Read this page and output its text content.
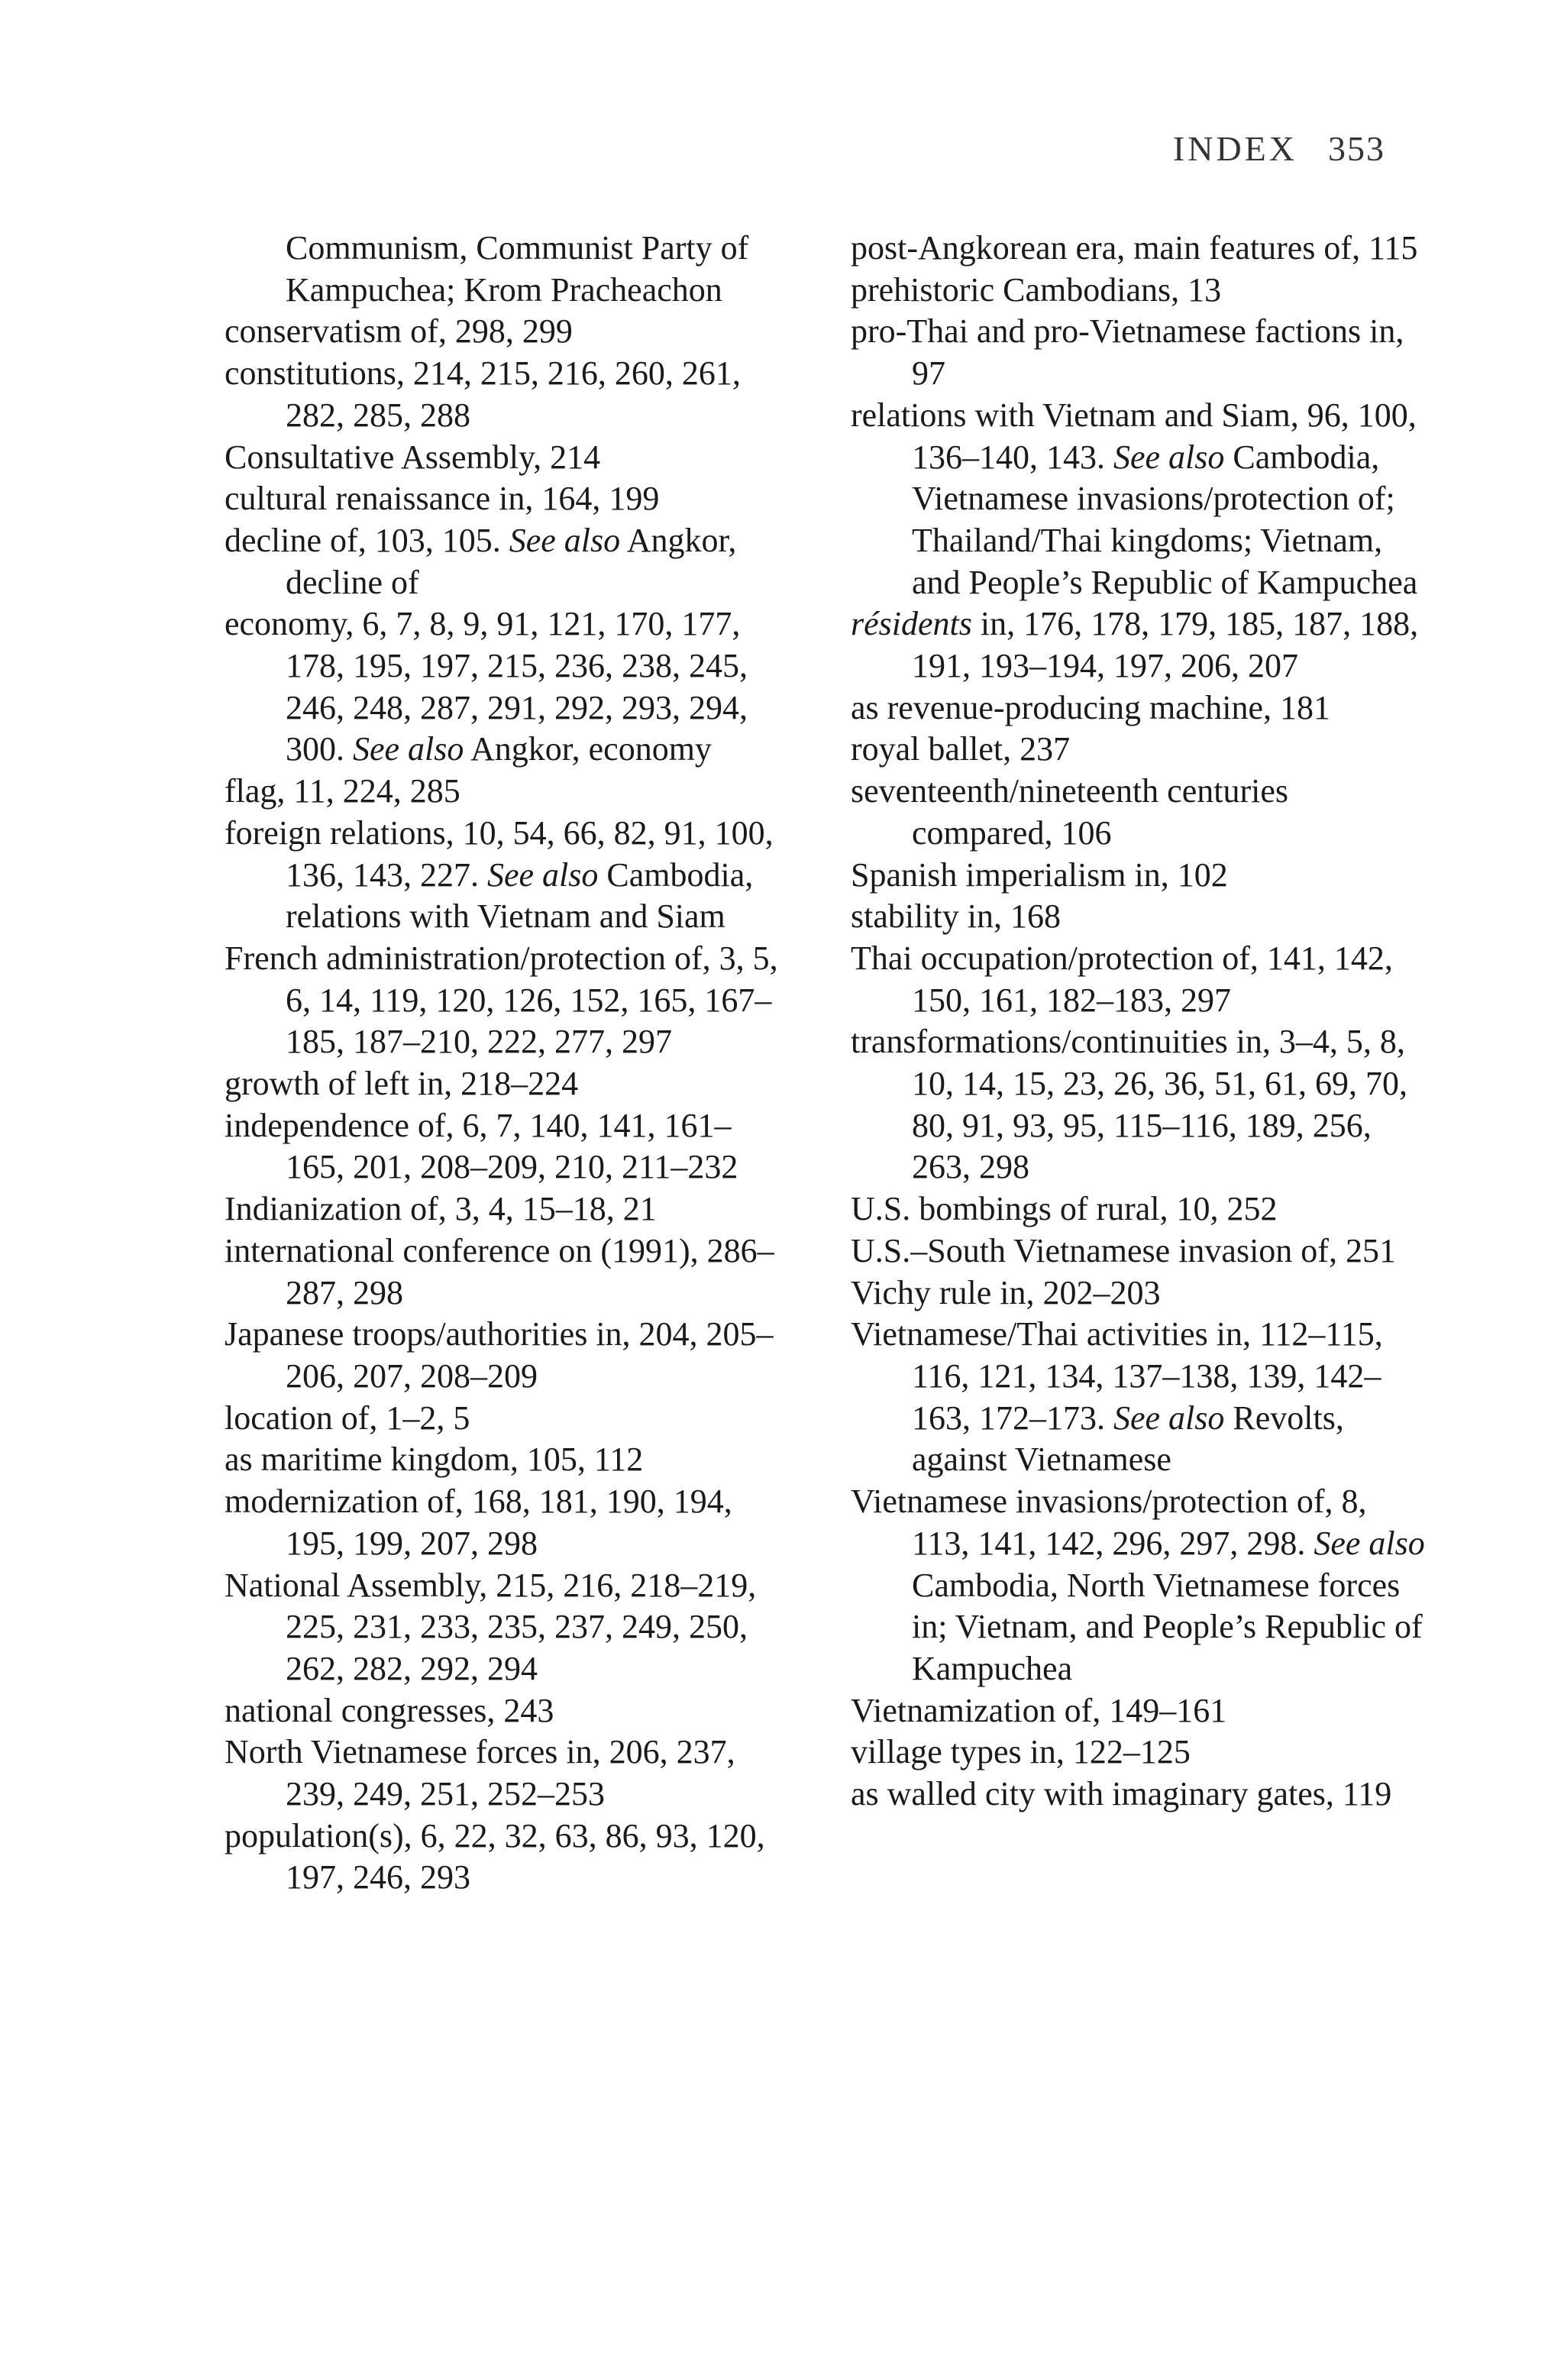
INDEX 353

Communism, Communist Party of Kampuchea; Krom Pracheachon

conservatism of, 298, 299

constitutions, 214, 215, 216, 260, 261, 282, 285, 288

Consultative Assembly, 214

cultural renaissance in, 164, 199

decline of, 103, 105. See also Angkor, decline of

economy, 6, 7, 8, 9, 91, 121, 170, 177, 178, 195, 197, 215, 236, 238, 245, 246, 248, 287, 291, 292, 293, 294, 300. See also Angkor, economy

flag, 11, 224, 285

foreign relations, 10, 54, 66, 82, 91, 100, 136, 143, 227. See also Cambodia, relations with Vietnam and Siam

French administration/protection of, 3, 5, 6, 14, 119, 120, 126, 152, 165, 167–185, 187–210, 222, 277, 297

growth of left in, 218–224

independence of, 6, 7, 140, 141, 161–165, 201, 208–209, 210, 211–232

Indianization of, 3, 4, 15–18, 21

international conference on (1991), 286–287, 298

Japanese troops/authorities in, 204, 205–206, 207, 208–209

location of, 1–2, 5

as maritime kingdom, 105, 112

modernization of, 168, 181, 190, 194, 195, 199, 207, 298

National Assembly, 215, 216, 218–219, 225, 231, 233, 235, 237, 249, 250, 262, 282, 292, 294

national congresses, 243

North Vietnamese forces in, 206, 237, 239, 249, 251, 252–253

population(s), 6, 22, 32, 63, 86, 93, 120, 197, 246, 293

post-Angkorean era, main features of, 115

prehistoric Cambodians, 13

pro-Thai and pro-Vietnamese factions in, 97

relations with Vietnam and Siam, 96, 100, 136–140, 143. See also Cambodia, Vietnamese invasions/protection of; Thailand/Thai kingdoms; Vietnam, and People’s Republic of Kampuchea

résidents in, 176, 178, 179, 185, 187, 188, 191, 193–194, 197, 206, 207

as revenue-producing machine, 181

royal ballet, 237

seventeenth/nineteenth centuries compared, 106

Spanish imperialism in, 102

stability in, 168

Thai occupation/protection of, 141, 142, 150, 161, 182–183, 297

transformations/continuities in, 3–4, 5, 8, 10, 14, 15, 23, 26, 36, 51, 61, 69, 70, 80, 91, 93, 95, 115–116, 189, 256, 263, 298

U.S. bombings of rural, 10, 252

U.S.–South Vietnamese invasion of, 251

Vichy rule in, 202–203

Vietnamese/Thai activities in, 112–115, 116, 121, 134, 137–138, 139, 142–163, 172–173. See also Revolts, against Vietnamese

Vietnamese invasions/protection of, 8, 113, 141, 142, 296, 297, 298. See also Cambodia, North Vietnamese forces in; Vietnam, and People’s Republic of Kampuchea

Vietnamization of, 149–161

village types in, 122–125

as walled city with imaginary gates, 119
